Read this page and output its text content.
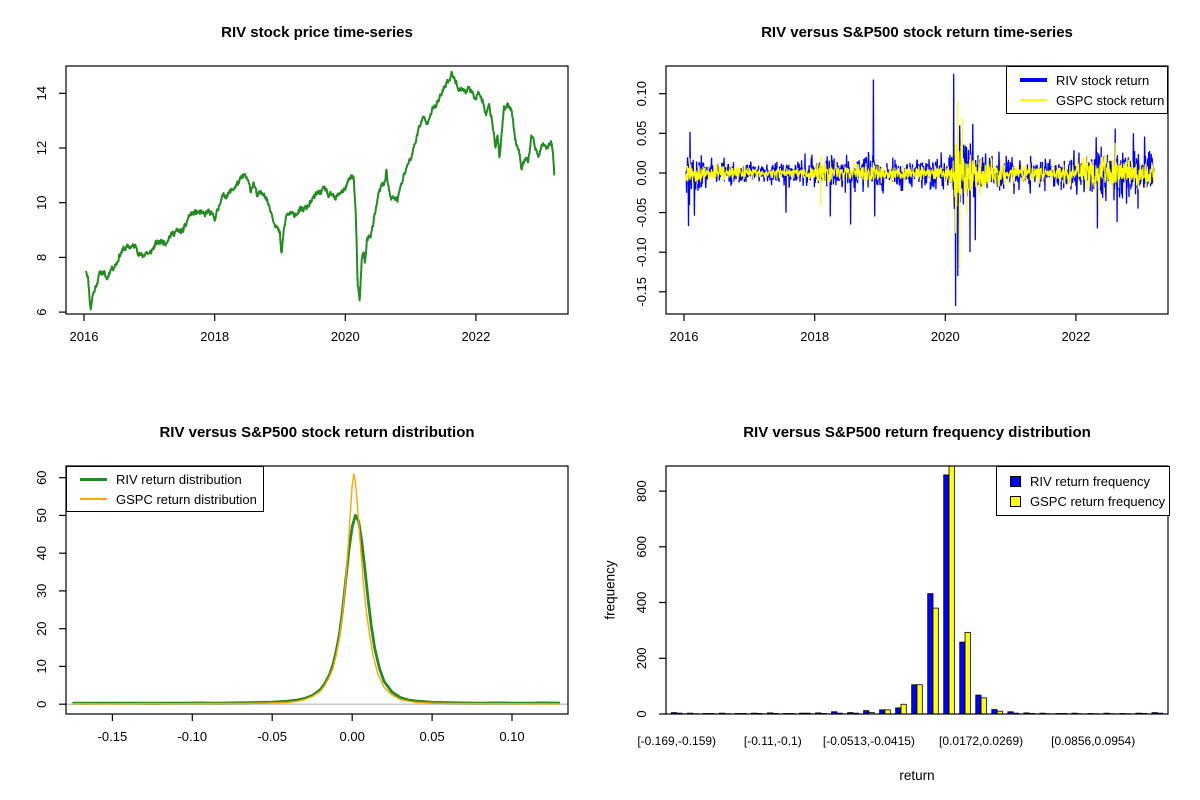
2016	2018	2020	2022
6
8
10
12
14
2016	2018	2020	2022
0.10
0.05
0.00
-0.05
-0.10
-0.15
-0.15	-0.10	-0.05	0.00	0.05	0.10
0
10
20
30
40
50
60
0
200
400
600
800
[-0.169,-0.159) [-0.11,-0.1) [-0.0513,-0.0415) [0.0172,0.0269) [0.0856,0.0954)
RIV stock price time-series	RIV versus S&P500 stock return time-series
RIV versus S&P500 stock return distribution	RIV versus S&P500 return frequency distribution
RIV stock return
GSPC stock return
RIV return distribution
GSPC return distribution
RIV return frequency
GSPC return frequency
frequency
return
